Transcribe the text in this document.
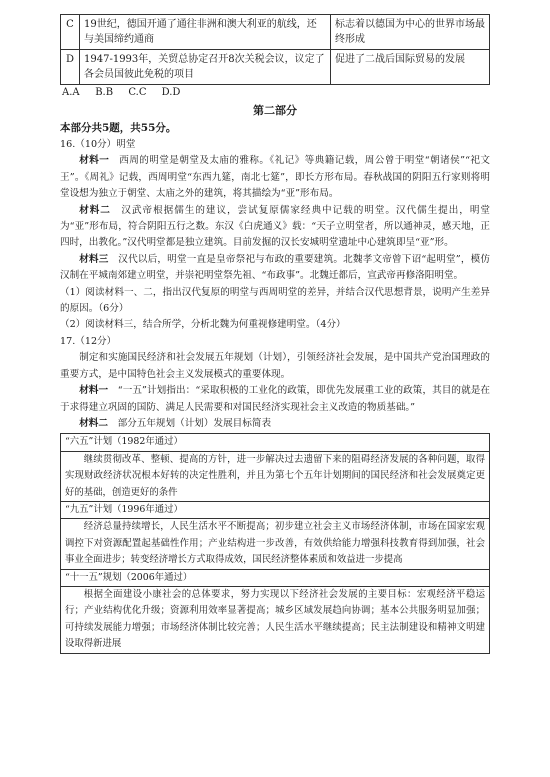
C	19世纪，德国开通了通往非洲和澳大利亚的航线，还与美国缔约通商	标志着以德国为中心的世界市场最终形成
D	1947-1993年，关贸总协定召开8次关税会议，议定了各会员国彼此免税的项目	促进了二战后国际贸易的发展
A.A B.B C.C D.D
第二部分
本部分共5题，共55分。

16.（10分）明堂

材料一  西周的明堂是朝堂及太庙的雅称。《礼记》等典籍记载，周公曾于明堂“朝诸侯”“祀文王”。《周礼》记载，西周明堂“东西九筵，南北七筵”，即长方形布局。春秋战国的阴阳五行家则将明堂设想为独立于朝堂、太庙之外的建筑，将其描绘为“亚”形布局。

材料二  汉武帝根据儒生的建议，尝试复原儒家经典中记载的明堂。汉代儒生提出，明堂为“亚”形布局，符合阴阳五行之数。东汉《白虎通义》载：“天子立明堂者，所以通神灵，感天地，正四时，出教化。”汉代明堂都是独立建筑。目前发掘的汉长安城明堂遗址中心建筑即呈“亚”形。

材料三  汉代以后，明堂一直是皇帝祭祀与布政的重要建筑。北魏孝文帝曾下诏“起明堂”，模仿汉制在平城南郊建立明堂，并崇祀明堂祭先祖、“布政事”。北魏迁都后，宣武帝再修洛阳明堂。

（1）阅读材料一、二，指出汉代复原的明堂与西周明堂的差异，并结合汉代思想背景，说明产生差异的原因。（6分）

（2）阅读材料三，结合所学，分析北魏为何重视修建明堂。（4分）

17.（12分）

制定和实施国民经济和社会发展五年规划（计划），引领经济社会发展，是中国共产党治国理政的重要方式，是中国特色社会主义发展模式的重要体现。

材料一  “一五”计划指出：“采取积极的工业化的政策，即优先发展重工业的政策，其目的就是在于求得建立巩固的国防、满足人民需要和对国民经济实现社会主义改造的物质基础。”

材料二  部分五年规划（计划）发展目标简表

“六五”计划（1982年通过）
继续贯彻改革、整顿、提高的方针，进一步解决过去遗留下来的阻碍经济发展的各种问题，取得实现财政经济状况根本好转的决定性胜利，并且为第七个五年计划期间的国民经济和社会发展奠定更好的基础，创造更好的条件
“九五”计划（1996年通过）
经济总量持续增长，人民生活水平不断提高；初步建立社会主义市场经济体制，市场在国家宏观调控下对资源配置起基础性作用；产业结构进一步改善，有效供给能力增强科技教育得到加强，社会事业全面进步；转变经济增长方式取得成效，国民经济整体素质和效益进一步提高
“十一五”规划（2006年通过）
根据全面建设小康社会的总体要求，努力实现以下经济社会发展的主要目标：宏观经济平稳运行；产业结构优化升级；资源利用效率显著提高；城乡区域发展趋向协调；基本公共服务明显加强；可持续发展能力增强；市场经济体制比较完善；人民生活水平继续提高；民主法制建设和精神文明建设取得新进展
